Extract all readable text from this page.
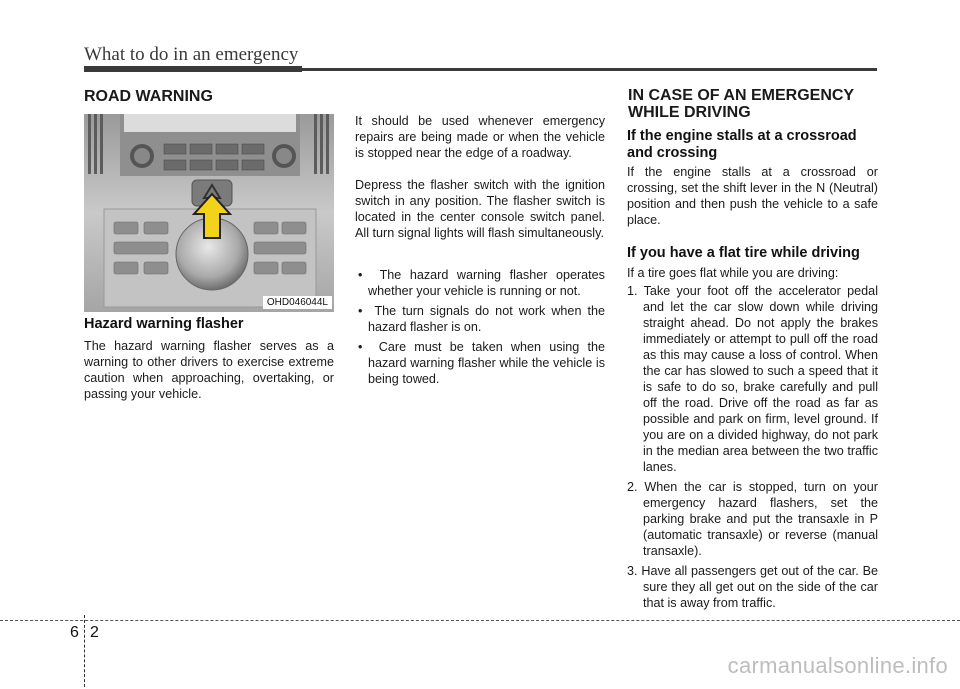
What to do in an emergency
ROAD WARNING
OHD046044L
Hazard warning flasher
The hazard warning flasher serves as a warning to other drivers to exercise extreme caution when approaching, overtaking, or passing your vehicle.
It should be used whenever emergency repairs are being made or when the vehicle is stopped near the edge of a roadway.
Depress the flasher switch with the ignition switch in any position. The flasher switch is located in the center console switch panel. All turn signal lights will flash simultaneously.
•  The hazard warning flasher operates whether your vehicle is running or not.
•  The turn signals do not work when the hazard flasher is on.
•  Care must be taken when using the hazard warning flasher while the vehicle is being towed.
IN CASE OF AN EMERGENCY
WHILE DRIVING
If the engine stalls at a crossroad
and crossing
If the engine stalls at a crossroad or crossing, set the shift lever in the N (Neutral) position and then push the vehicle to a safe place.
If you have a flat tire while driving
If a tire goes flat while you are driving:
1. Take your foot off the accelerator pedal and let the car slow down while driving straight ahead. Do not apply the brakes immediately or attempt to pull off the road as this may cause a loss of control. When the car has slowed to such a speed that it is safe to do so, brake carefully and pull off the road. Drive off the road as far as possible and park on firm, level ground. If you are on a divided highway, do not park in the median area between the two traffic lanes.
2. When the car is stopped, turn on your emergency hazard flashers, set the parking brake and put the transaxle in P (automatic transaxle) or reverse (manual transaxle).
3. Have all passengers get out of the car. Be sure they all get out on the side of the car that is away from traffic.
6 2
carmanualsonline.info
